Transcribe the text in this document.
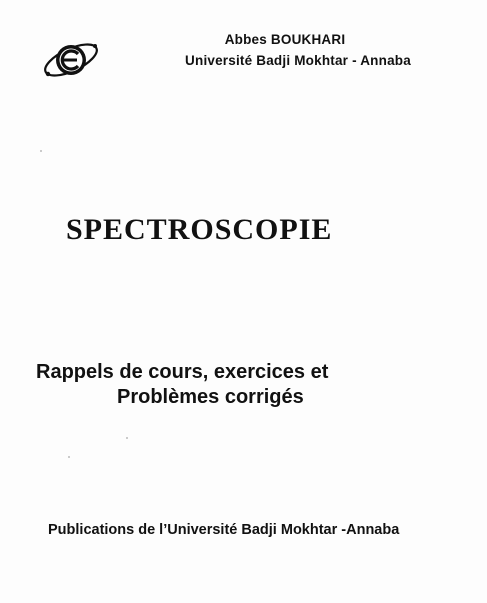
Abbes BOUKHARI
Université Badji Mokhtar - Annaba
SPECTROSCOPIE
Rappels de cours, exercices et
Problèmes corrigés
Publications de l’Université Badji Mokhtar -Annaba
